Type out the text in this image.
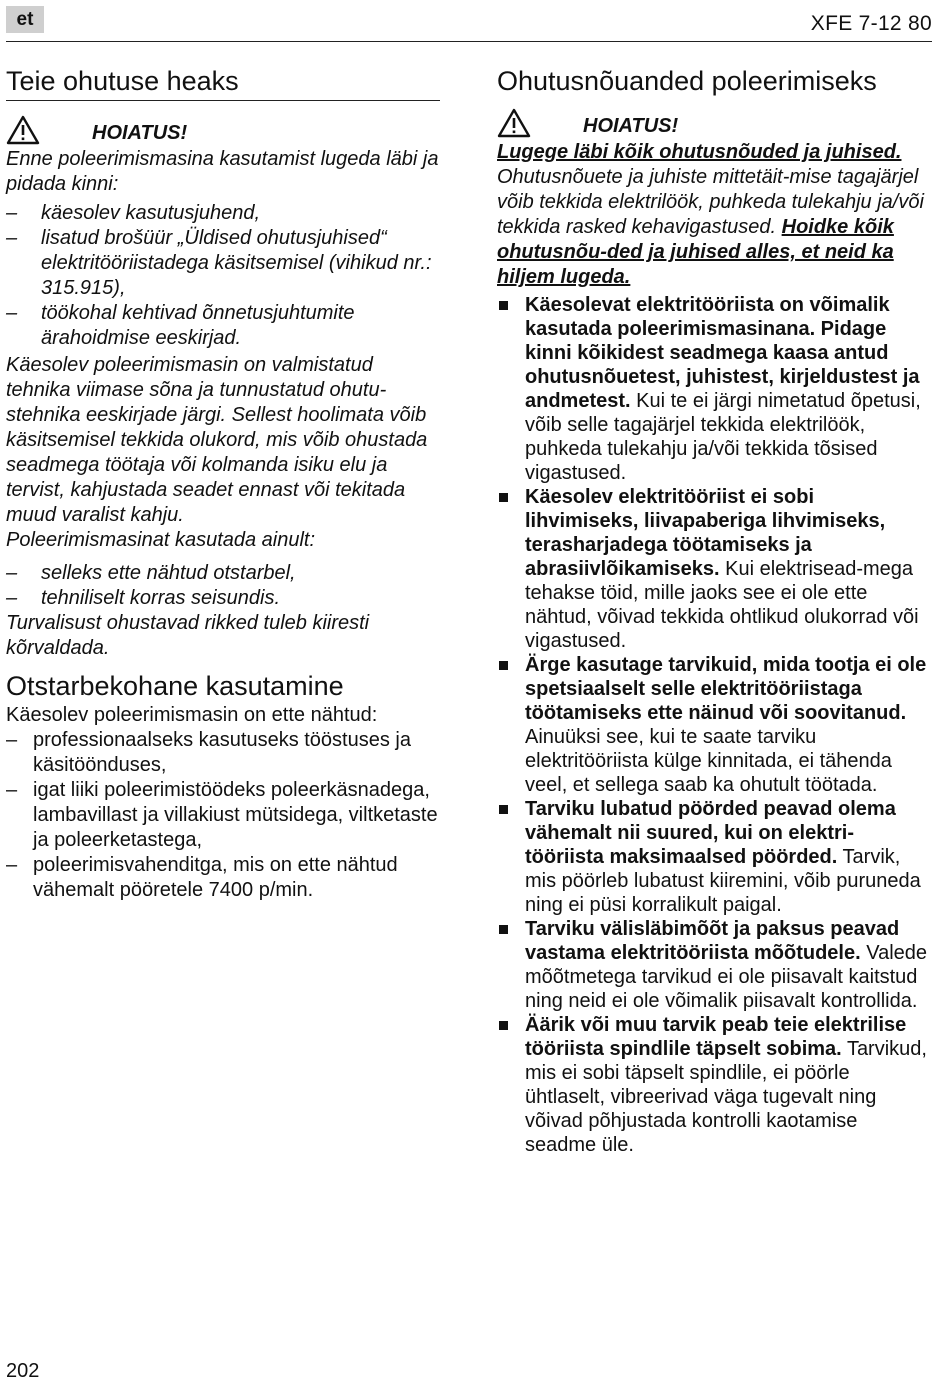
et	XFE 7-12 80
Teie ohutuse heaks
HOIATUS!

Enne poleerimismasina kasutamist lugeda läbi ja pidada kinni:

– käesolev kasutusjuhend,
– lisatud brošüür „Üldised ohutusjuhised“ elektritööriistadega käsitsemisel (vihikud nr.: 315.915),
– töökohal kehtivad õnnetusjuhtumite ärahoidmise eeskirjad.

Käesolev poleerimismasin on valmistatud tehnika viimase sõna ja tunnustatud ohutu-stehnika eeskirjade järgi. Sellest hoolimata võib käsitsemisel tekkida olukord, mis võib ohustada seadmega töötaja või kolmanda isiku elu ja tervist, kahjustada seadet ennast või tekitada muud varalist kahju.

Poleerimismasinat kasutada ainult:

– selleks ette nähtud otstarbel,
– tehniliselt korras seisundis.

Turvalisust ohustavad rikked tuleb kiiresti kõrvaldada.

Otstarbekohane kasutamine

Käesolev poleerimismasin on ette nähtud:

– professionaalseks kasutuseks tööstuses ja käsitöönduses,
– igat liiki poleerimistöödeks poleerkäsnadega, lambavillast ja villakiust mütsidega, viltketaste ja poleerketastega,
– poleerimisvahenditga, mis on ette nähtud vähemalt pööretele 7400 p/min.
Ohutusnõuanded poleerimiseks
HOIATUS!

Lugege läbi kõik ohutusnõuded ja juhised. Ohutusnõuete ja juhiste mittetäit-mise tagajärjel võib tekkida elektrilöök, puhkeda tulekahju ja/või tekkida rasked kehavigastused. Hoidke kõik ohutusnõu-ded ja juhised alles, et neid ka hiljem lugeda.

Käesolevat elektritööriista on võimalik kasutada poleerimismasinana. Pidage kinni kõikidest seadmega kaasa antud ohutusnõuetest, juhistest, kirjeldustest ja andmetest. Kui te ei järgi nimetatud õpetusi, võib selle tagajärjel tekkida elektrilöök, puhkeda tulekahju ja/või tekkida tõsised vigastused.
Käesolev elektritööriist ei sobi lihvimiseks, liivapaberiga lihvimiseks, terasharjadega töötamiseks ja abrasiivlõikamiseks. Kui elektrisead-mega tehakse töid, mille jaoks see ei ole ette nähtud, võivad tekkida ohtlikud olukorrad või vigastused.
Ärge kasutage tarvikuid, mida tootja ei ole spetsiaalselt selle elektritööriistaga töötamiseks ette näinud või soovitanud. Ainuüksi see, kui te saate tarviku elektritööriista külge kinnitada, ei tähenda veel, et sellega saab ka ohutult töötada.
Tarviku lubatud pöörded peavad olema vähemalt nii suured, kui on elektri-tööriista maksimaalsed pöörded. Tarvik, mis pöörleb lubatust kiiremini, võib puruneda ning ei püsi korralikult paigal.
Tarviku välisläbimõõt ja paksus peavad vastama elektritööriista mõõtudele. Valede mõõtmetega tarvikud ei ole piisavalt kaitstud ning neid ei ole võimalik piisavalt kontrollida.
Äärik või muu tarvik peab teie elektrilise tööriista spindlile täpselt sobima. Tarvikud, mis ei sobi täpselt spindlile, ei pöörle ühtlaselt, vibreerivad väga tugevalt ning võivad põhjustada kontrolli kaotamise seadme üle.
202
